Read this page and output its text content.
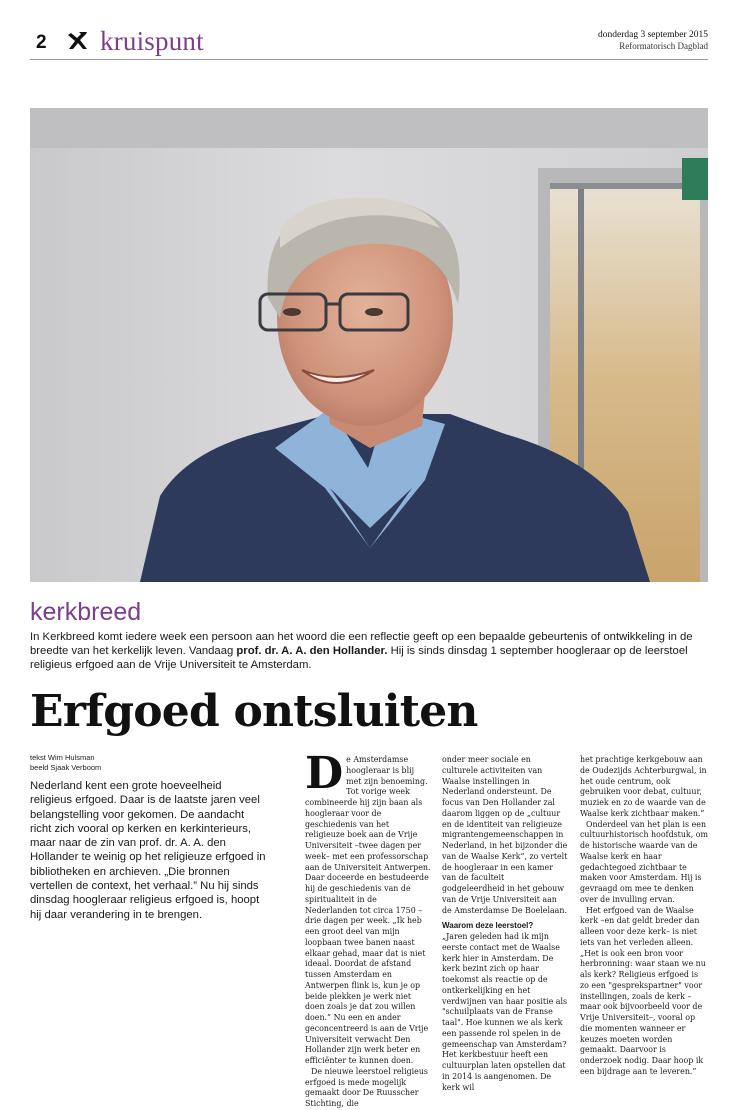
2 kruispunt	donderdag 3 september 2015
Reformatorisch Dagblad
kerkbreed
In Kerkbreed komt iedere week een persoon aan het woord die een reflectie geeft op een bepaalde gebeurtenis of ontwikkeling in de breedte van het kerkelijk leven. Vandaag prof. dr. A. A. den Hollander. Hij is sinds dinsdag 1 september hoogleraar op de leerstoel religieus erfgoed aan de Vrije Universiteit te Amsterdam.
Erfgoed ontsluiten
tekst Wim Hulsman
beeld Sjaak Verboom
Nederland kent een grote hoeveelheid religieus erfgoed. Daar is de laatste jaren veel belangstelling voor gekomen. De aandacht richt zich vooral op kerken en kerkinterieurs, maar naar de zin van prof. dr. A. A. den Hollander te weinig op het religieuze erfgoed in bibliotheken en archieven. „Die bronnen vertellen de context, het verhaal.” Nu hij sinds dinsdag hoogleraar religieus erfgoed is, hoopt hij daar verandering in te brengen.

De Amsterdamse hoogleraar is blij met zijn benoeming. Tot vorige week combineerde hij zijn baan als hoogleraar voor de geschiedenis van het religieuze boek aan de Vrije Universiteit –twee dagen per week– met een professorschap aan de Universiteit Antwerpen. Daar doceerde en bestudeerde hij de geschiedenis van de spiritualiteit in de Nederlanden tot circa 1750 – drie dagen per week. „Ik heb een groot deel van mijn loopbaan twee banen naast elkaar gehad, maar dat is niet ideaal. Doordat de afstand tussen Amsterdam en Antwerpen flink is, kun je op beide plekken je werk niet doen zoals je dat zou willen doen.” Nu een en ander geconcentreerd is aan de Vrije Universiteit verwacht Den Hollander zijn werk beter en efficiënter te kunnen doen.

De nieuwe leerstoel religieus erfgoed is mede mogelijk gemaakt door De Ruusscher Stichting, die

onder meer sociale en culturele activiteiten van Waalse instellingen in Nederland ondersteunt. De focus van Den Hollander zal daarom liggen op de „cultuur en de identiteit van religieuze migrantengemeenschappen in Nederland, in het bijzonder die van de Waalse Kerk”, zo vertelt de hoogleraar in een kamer van de faculteit godgeleerdheid in het gebouw van de Vrije Universiteit aan de Amsterdamse De Boelelaan.

Waarom deze leerstoel?

„Jaren geleden had ik mijn eerste contact met de Waalse kerk hier in Amsterdam. De kerk bezint zich op haar toekomst als reactie op de ontkerkelijking en het verdwijnen van haar positie als "schuilplaats van de Franse taal". Hoe kunnen we als kerk een passende rol spelen in de gemeenschap van Amsterdam? Het kerkbestuur heeft een cultuurplan laten opstellen dat in 2014 is aangenomen. De kerk wil

het prachtige kerkgebouw aan de Oudezijds Achterburgwal, in het oude centrum, ook gebruiken voor debat, cultuur, muziek en zo de waarde van de Waalse kerk zichtbaar maken.”

Onderdeel van het plan is een cultuurhistorisch hoofdstuk, om de historische waarde van de Waalse kerk en haar gedachtegoed zichtbaar te maken voor Amsterdam. Hij is gevraagd om mee te denken over de invulling ervan.

Het erfgoed van de Waalse kerk –en dat geldt breder dan alleen voor deze kerk– is niet iets van het verleden alleen. „Het is ook een bron voor herbronning: waar staan we nu als kerk? Religieus erfgoed is zo een "gesprekspartner" voor instellingen, zoals de kerk –maar ook bijvoorbeeld voor de Vrije Universiteit–, vooral op die momenten wanneer er keuzes moeten worden gemaakt. Daarvoor is onderzoek nodig. Daar hoop ik een bijdrage aan te leveren.”
